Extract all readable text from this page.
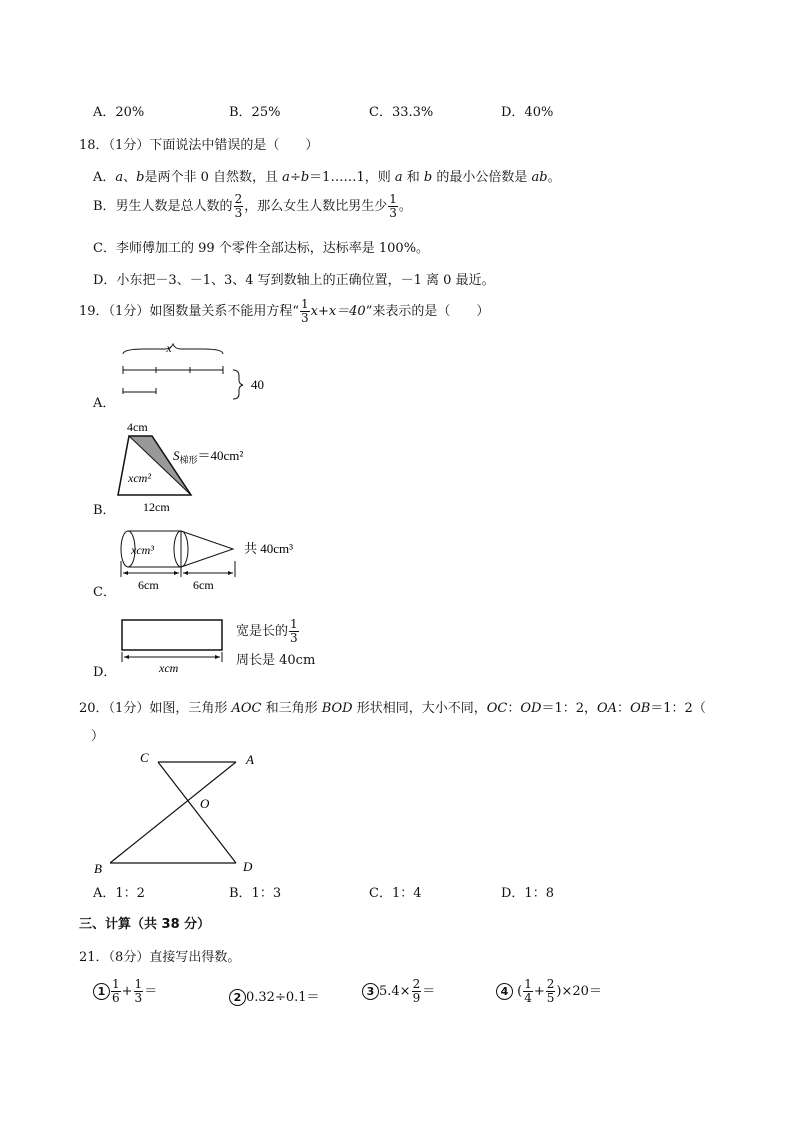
A．20%	B．25%	C．33.3%	D．40%
18．（1分）下面说法中错误的是（　　）
A．a、b是两个非 0 自然数，且 a÷b＝1……1，则 a 和 b 的最小公倍数是 ab。
B．男生人数是总人数的 $\frac{2}{3}$ ，那么女生人数比男生少 $\frac{1}{3}$ 。
C．李师傅加工的 99 个零件全部达标，达标率是 100%。
D．小东把－3、－1、3、4 写到数轴上的正确位置，－1 离 0 最近。
19．（1分）如图数量关系不能用方程“ $\frac{1}{3} x+x=40$”来表示的是（　　）
A．
B．
C．
D．
x
40
4cm
xcm²
$S_{梯形}=40cm^2$
12cm
xcm³	共 40cm³
6cm	6cm
xcm
宽是长的 $\frac{1}{3}$
周长是 40cm
20．（1分）如图，三角形 AOC 和三角形 BOD 形状相同，大小不同，OC：OD＝1：2，OA：OB＝1：2（
）
C	A
O
B	D
A．1：2	B．1：3	C．1：4	D．1：8
三、计算（共 38 分）
21．（8分）直接写出得数。
$1 \frac{1}{6} + \frac{1}{3}$ ＝	2 0.32÷0.1＝	3 $5.4\times \frac{2}{9}$ ＝	4 ( $\frac{1}{4} + \frac{2}{5} )\times 20=$
